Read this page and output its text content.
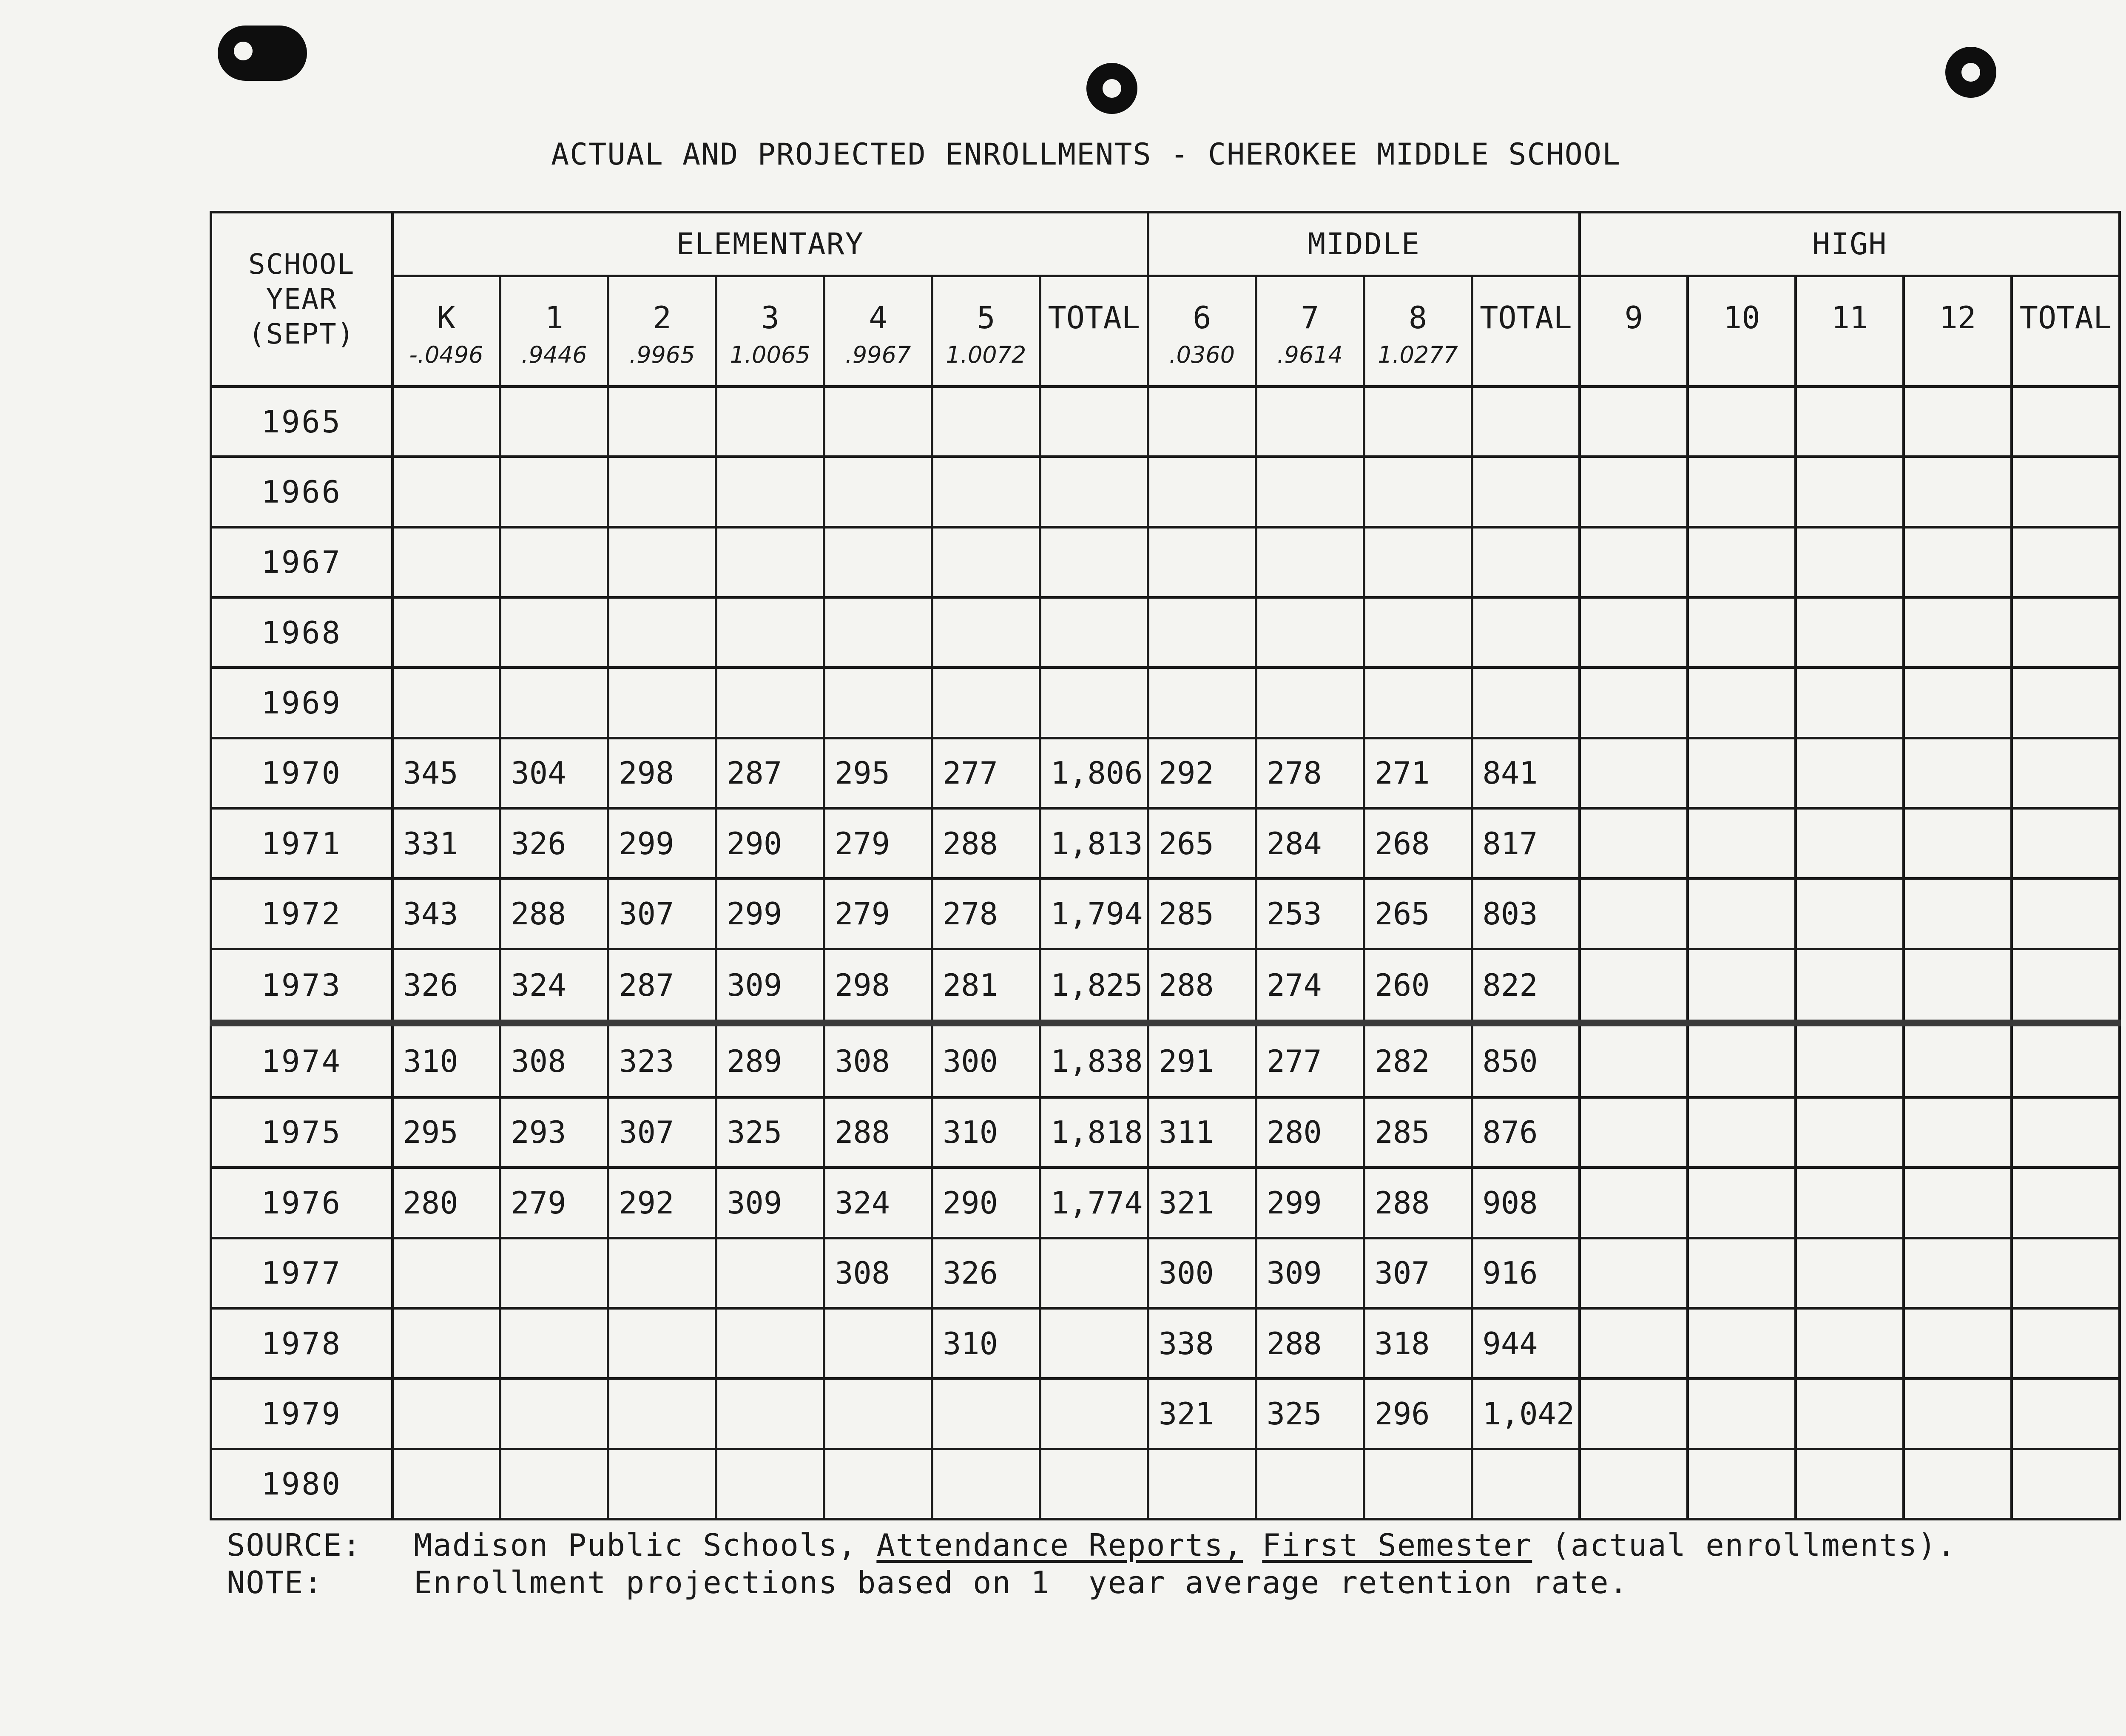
ACTUAL AND PROJECTED ENROLLMENTS - CHEROKEE MIDDLE SCHOOL
SCHOOL
YEAR
(SEPT)	ELEMENTARY							MIDDLE				HIGH				
	K	1	2	3	4	5	TOTAL	6	7	8	TOTAL	9	10	11	12	TOTAL
	-.0496	.9446	.9965	1.0065	.9967	1.0072		.0360	.9614	1.0277						
1965																
1966																
1967																
1968																
1969																
1970	345	304	298	287	295	277	1,806	292	278	271	841					
1971	331	326	299	290	279	288	1,813	265	284	268	817					
1972	343	288	307	299	279	278	1,794	285	253	265	803					
1973	326	324	287	309	298	281	1,825	288	274	260	822					
1974	310	308	323	289	308	300	1,838	291	277	282	850					
1975	295	293	307	325	288	310	1,818	311	280	285	876					
1976	280	279	292	309	324	290	1,774	321	299	288	908					
1977					308	326		300	309	307	916					
1978						310		338	288	318	944					
1979								321	325	296	1,042					
1980																
SOURCE: Madison Public Schools, Attendance Reports, First Semester (actual enrollments).
NOTE:	Enrollment projections based on 1  year average retention rate.
